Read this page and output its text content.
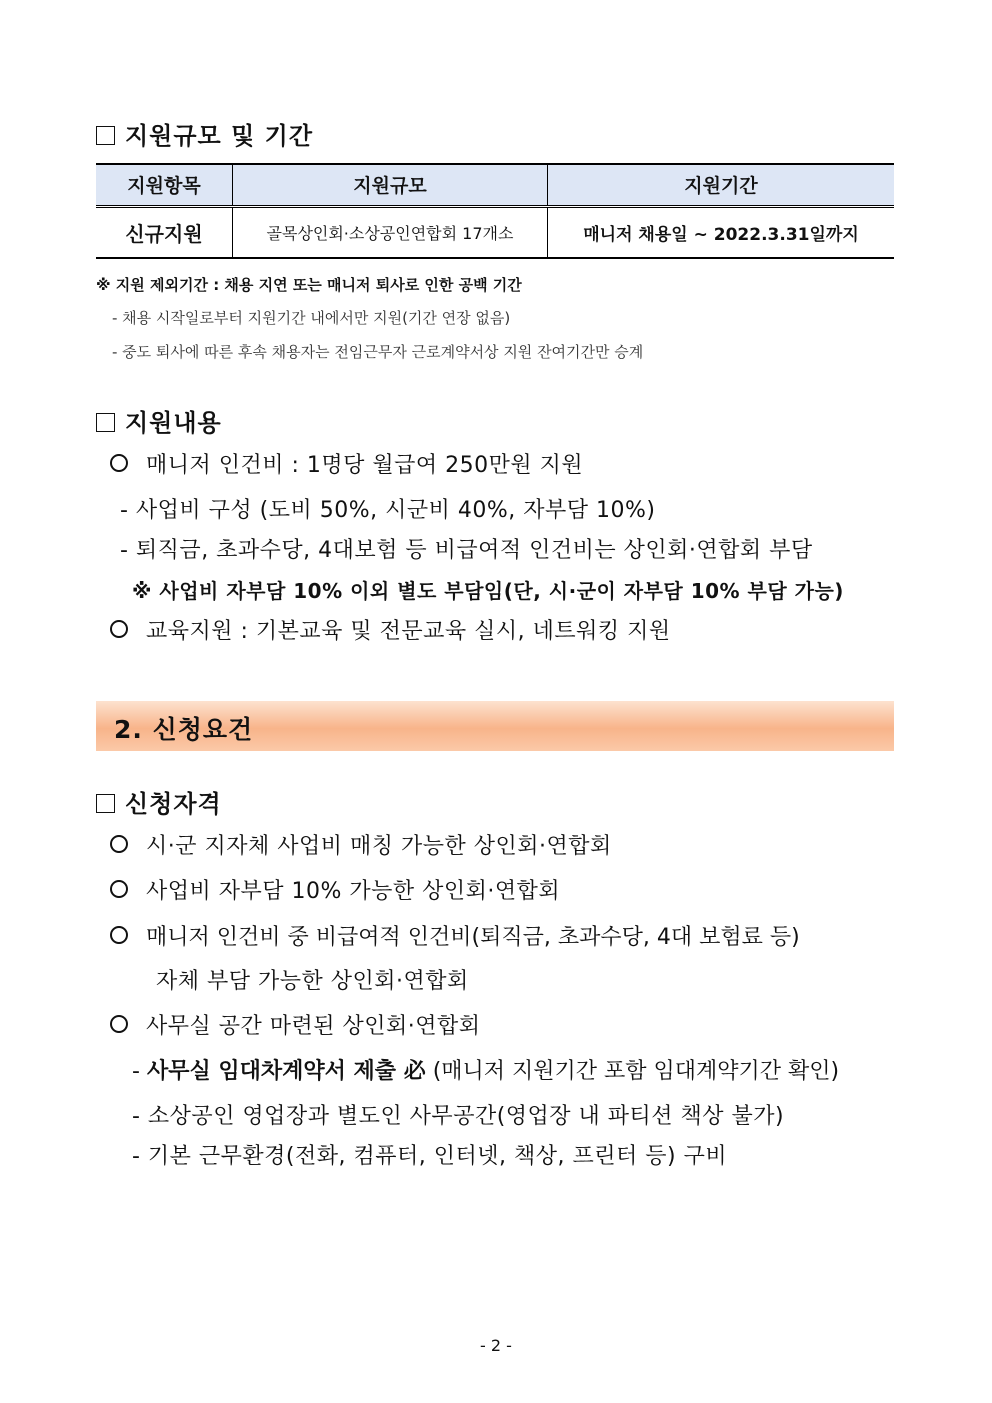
지원규모 및 기간
지원항목	지원규모	지원기간
신규지원	골목상인회·소상공인연합회 17개소	매니저 채용일 ~ 2022.3.31일까지
※ 지원 제외기간 : 채용 지연 또는 매니저 퇴사로 인한 공백 기간
- 채용 시작일로부터 지원기간 내에서만 지원(기간 연장 없음)
- 중도 퇴사에 따른 후속 채용자는 전임근무자 근로계약서상 지원 잔여기간만 승계
지원내용
매니저 인건비 : 1명당 월급여 250만원 지원
- 사업비 구성 (도비 50%, 시군비 40%, 자부담 10%)
- 퇴직금, 초과수당, 4대보험 등 비급여적 인건비는 상인회·연합회 부담
※ 사업비 자부담 10% 이외 별도 부담임(단, 시·군이 자부담 10% 부담 가능)
교육지원 : 기본교육 및 전문교육 실시, 네트워킹 지원
2. 신청요건
신청자격
시·군 지자체 사업비 매칭 가능한 상인회·연합회
사업비 자부담 10% 가능한 상인회·연합회
매니저 인건비 중 비급여적 인건비(퇴직금, 초과수당, 4대 보험료 등)
자체 부담 가능한 상인회·연합회
사무실 공간 마련된 상인회·연합회
- 사무실 임대차계약서 제출 必 (매니저 지원기간 포함 임대계약기간 확인)
- 소상공인 영업장과 별도인 사무공간(영업장 내 파티션 책상 불가)
- 기본 근무환경(전화, 컴퓨터, 인터넷, 책상, 프린터 등) 구비
- 2 -
